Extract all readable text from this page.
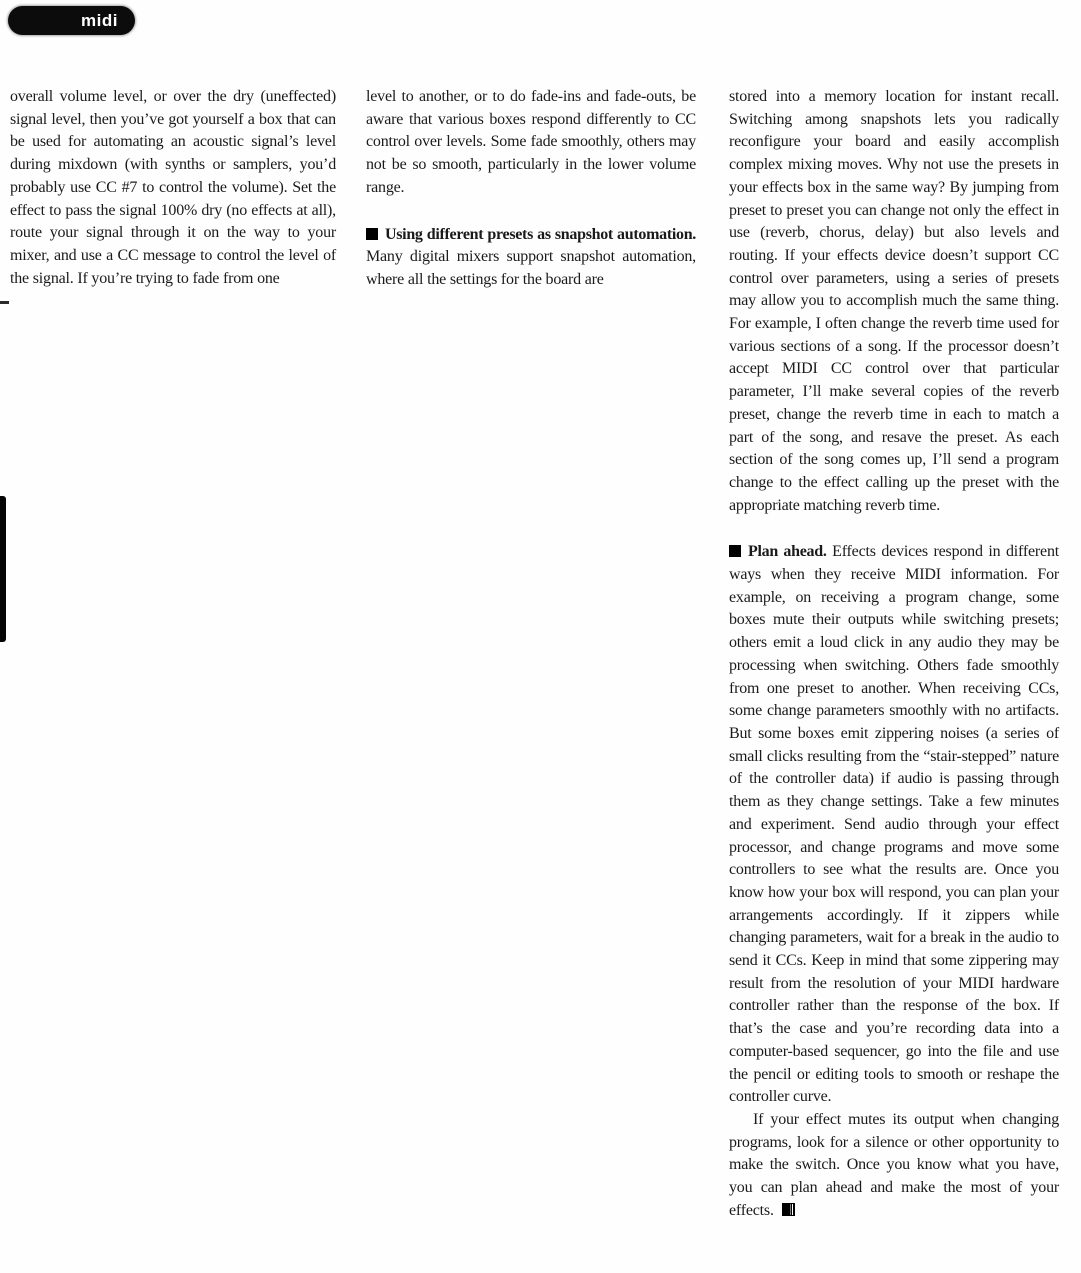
midi

overall volume level, or over the dry (uneffected) signal level, then you’ve got yourself a box that can be used for automating an acoustic signal’s level during mixdown (with synths or samplers, you’d probably use CC #7 to control the volume). Set the effect to pass the signal 100% dry (no effects at all), route your signal through it on the way to your mixer, and use a CC message to control the level of the signal. If you’re trying to fade from one

level to another, or to do fade-ins and fade-outs, be aware that various boxes respond differently to CC control over levels. Some fade smoothly, others may not be so smooth, particularly in the lower volume range.

Using different presets as snapshot automation. Many digital mixers support snapshot automation, where all the settings for the board are

stored into a memory location for instant recall. Switching among snapshots lets you radically reconfigure your board and easily accomplish complex mixing moves. Why not use the presets in your effects box in the same way? By jumping from preset to preset you can change not only the effect in use (reverb, chorus, delay) but also levels and routing. If your effects device doesn’t support CC control over parameters, using a series of presets may allow you to accomplish much the same thing. For example, I often change the reverb time used for various sections of a song. If the processor doesn’t accept MIDI CC control over that particular parameter, I’ll make several copies of the reverb preset, change the reverb time in each to match a part of the song, and resave the preset. As each section of the song comes up, I’ll send a program change to the effect calling up the preset with the appropriate matching reverb time.

Plan ahead. Effects devices respond in different ways when they receive MIDI information. For example, on receiving a program change, some boxes mute their outputs while switching presets; others emit a loud click in any audio they may be processing when switching. Others fade smoothly from one preset to another. When receiving CCs, some change parameters smoothly with no artifacts. But some boxes emit zippering noises (a series of small clicks resulting from the “stair-stepped” nature of the controller data) if audio is passing through them as they change settings. Take a few minutes and experiment. Send audio through your effect processor, and change programs and move some controllers to see what the results are. Once you know how your box will respond, you can plan your arrangements accordingly. If it zippers while changing parameters, wait for a break in the audio to send it CCs. Keep in mind that some zippering may result from the resolution of your MIDI hardware controller rather than the response of the box. If that’s the case and you’re recording data into a computer-based sequencer, go into the file and use the pencil or editing tools to smooth or reshape the controller curve.

If your effect mutes its output when changing programs, look for a silence or other opportunity to make the switch. Once you know what you have, you can plan ahead and make the most of your effects.
